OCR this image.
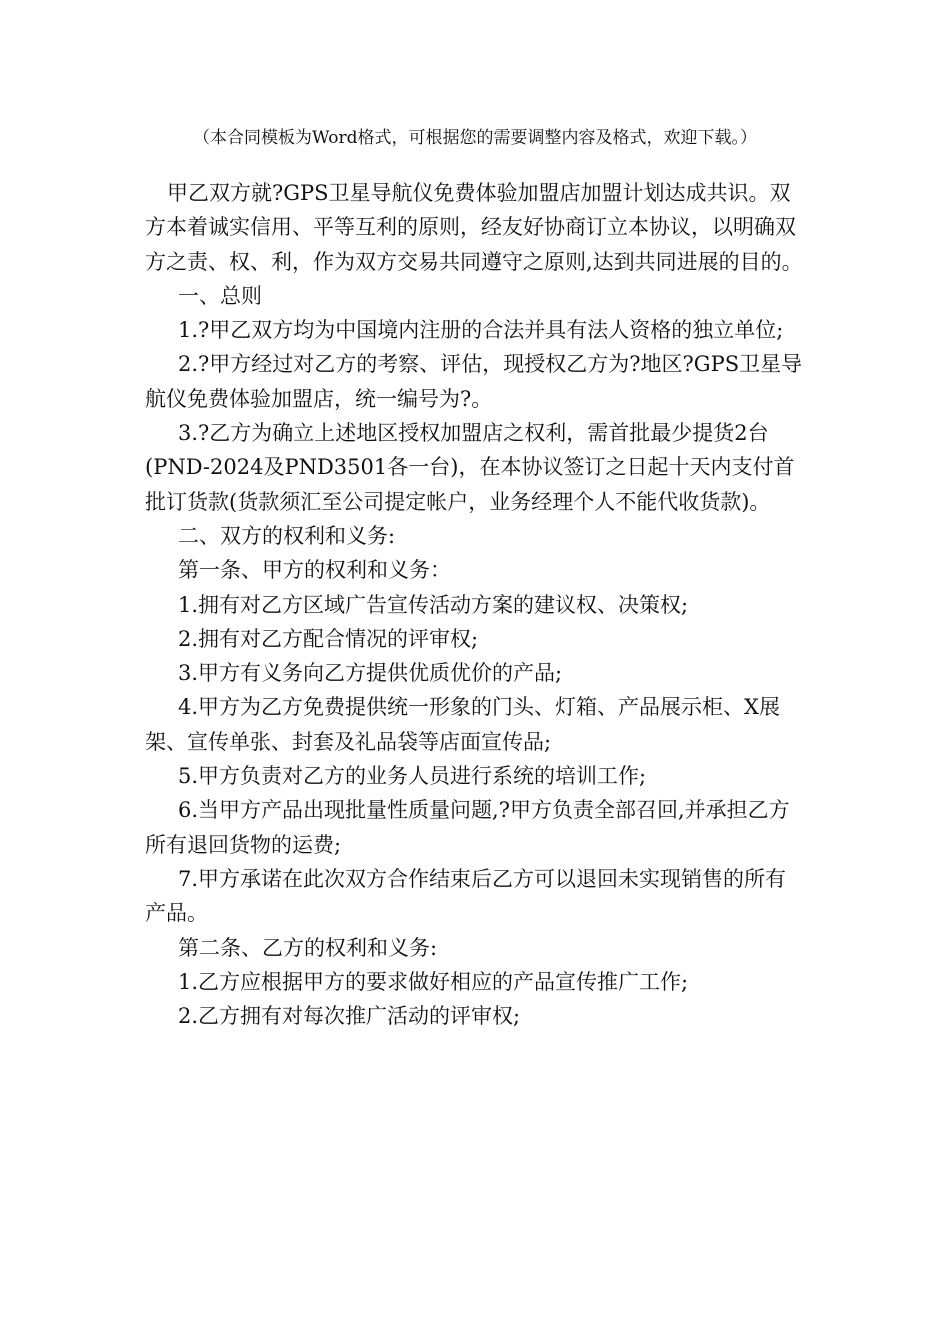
（本合同模板为Word格式，可根据您的需要调整内容及格式，欢迎下载。）

甲乙双方就?GPS卫星导航仪免费体验加盟店加盟计划达成共识。双方本着诚实信用、平等互利的原则，经友好协商订立本协议，以明确双方之责、权、利，作为双方交易共同遵守之原则,达到共同进展的目的。

一、总则

1.?甲乙双方均为中国境内注册的合法并具有法人资格的独立单位;

2.?甲方经过对乙方的考察、评估，现授权乙方为?地区?GPS卫星导航仪免费体验加盟店，统一编号为?。

3.?乙方为确立上述地区授权加盟店之权利，需首批最少提货2台(PND-2024及PND3501各一台)，在本协议签订之日起十天内支付首批订货款(货款须汇至公司提定帐户，业务经理个人不能代收货款)。

二、双方的权利和义务:

第一条、甲方的权利和义务：

1.拥有对乙方区域广告宣传活动方案的建议权、决策权;

2.拥有对乙方配合情况的评审权;

3.甲方有义务向乙方提供优质优价的产品;

4.甲方为乙方免费提供统一形象的门头、灯箱、产品展示柜、X展架、宣传单张、封套及礼品袋等店面宣传品;

5.甲方负责对乙方的业务人员进行系统的培训工作;

6.当甲方产品出现批量性质量问题,?甲方负责全部召回,并承担乙方所有退回货物的运费;

7.甲方承诺在此次双方合作结束后乙方可以退回未实现销售的所有产品。

第二条、乙方的权利和义务:

1.乙方应根据甲方的要求做好相应的产品宣传推广工作;

2.乙方拥有对每次推广活动的评审权;
